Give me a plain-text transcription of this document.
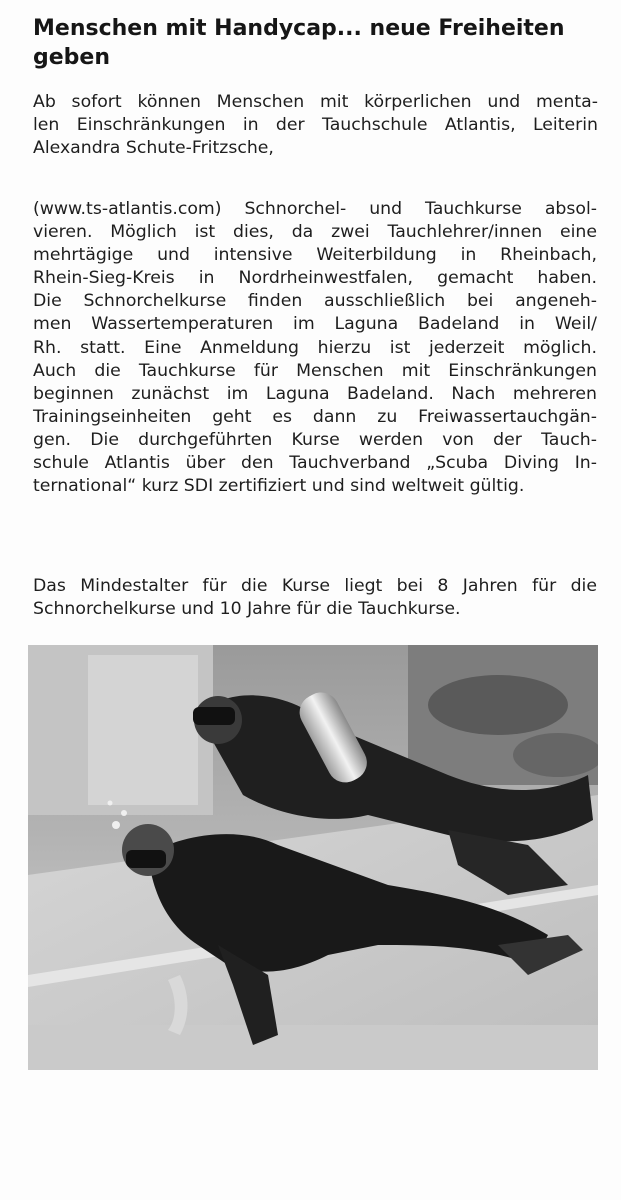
Menschen mit Handycap... neue Freiheiten
geben

Ab sofort können Menschen mit körperlichen und menta-
len Einschränkungen in der Tauchschule Atlantis, Leiterin
Alexandra Schute-Fritzsche,

(www.ts-atlantis.com) Schnorchel- und Tauchkurse absol-
vieren. Möglich ist dies, da zwei Tauchlehrer/innen eine
mehrtägige und intensive Weiterbildung in Rheinbach,
Rhein-Sieg-Kreis in Nordrheinwestfalen, gemacht haben.
Die Schnorchelkurse finden ausschließlich bei angeneh-
men Wassertemperaturen im Laguna Badeland in Weil/
Rh. statt. Eine Anmeldung hierzu ist jederzeit möglich.
Auch die Tauchkurse für Menschen mit Einschränkungen
beginnen zunächst im Laguna Badeland. Nach mehreren
Trainingseinheiten geht es dann zu Freiwassertauchgän-
gen. Die durchgeführten Kurse werden von der Tauch-
schule Atlantis über den Tauchverband „Scuba Diving In-
ternational“ kurz SDI zertifiziert und sind weltweit gültig.

Das Mindestalter für die Kurse liegt bei 8 Jahren für die
Schnorchelkurse und 10 Jahre für die Tauchkurse.
